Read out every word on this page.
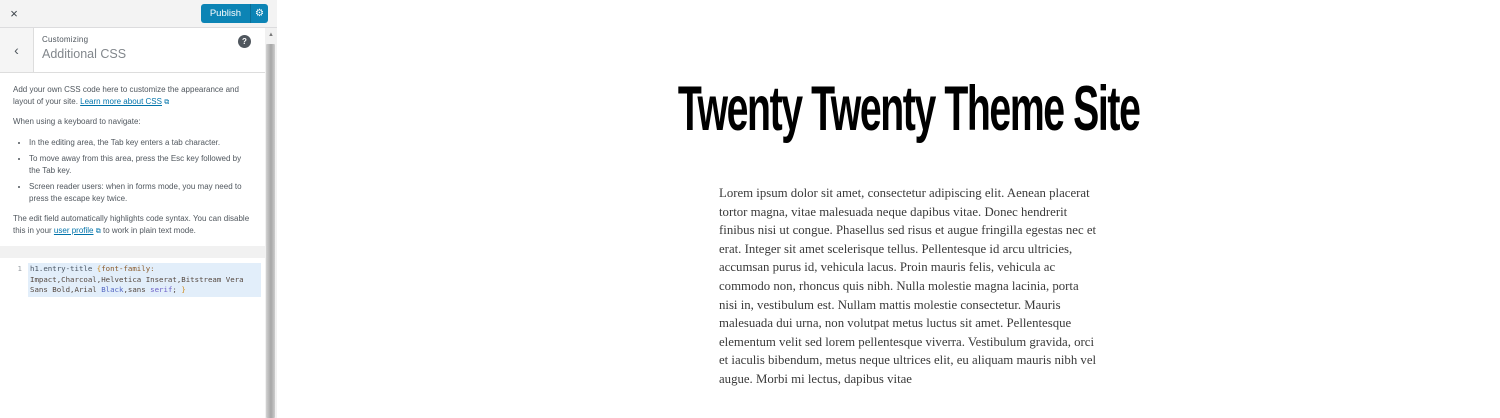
×	Publish	⚙
‹
Customizing
Additional CSS
?

Add your own CSS code here to customize the appearance and layout of your site. Learn more about CSS ⧉

When using a keyboard to navigate:

• In the editing area, the Tab key enters a tab character.
• To move away from this area, press the Esc key followed by the Tab key.
• Screen reader users: when in forms mode, you may need to press the escape key twice.

The edit field automatically highlights code syntax. You can disable this in your user profile ⧉ to work in plain text mode.

1 h1.entry-title {font-family: Impact,Charcoal,Helvetica Inserat,Bitstream Vera Sans Bold,Arial Black,sans serif; }
▲
Twenty Twenty Theme Site

Lorem ipsum dolor sit amet, consectetur adipiscing elit. Aenean placerat tortor magna, vitae malesuada neque dapibus vitae. Donec hendrerit finibus nisi ut congue. Phasellus sed risus et augue fringilla egestas nec et erat. Integer sit amet scelerisque tellus. Pellentesque id arcu ultricies, accumsan purus id, vehicula lacus. Proin mauris felis, vehicula ac commodo non, rhoncus quis nibh. Nulla molestie magna lacinia, porta nisi in, vestibulum est. Nullam mattis molestie consectetur. Mauris malesuada dui urna, non volutpat metus luctus sit amet. Pellentesque elementum velit sed lorem pellentesque viverra. Vestibulum gravida, orci et iaculis bibendum, metus neque ultrices elit, eu aliquam mauris nibh vel augue. Morbi mi lectus, dapibus vitae
